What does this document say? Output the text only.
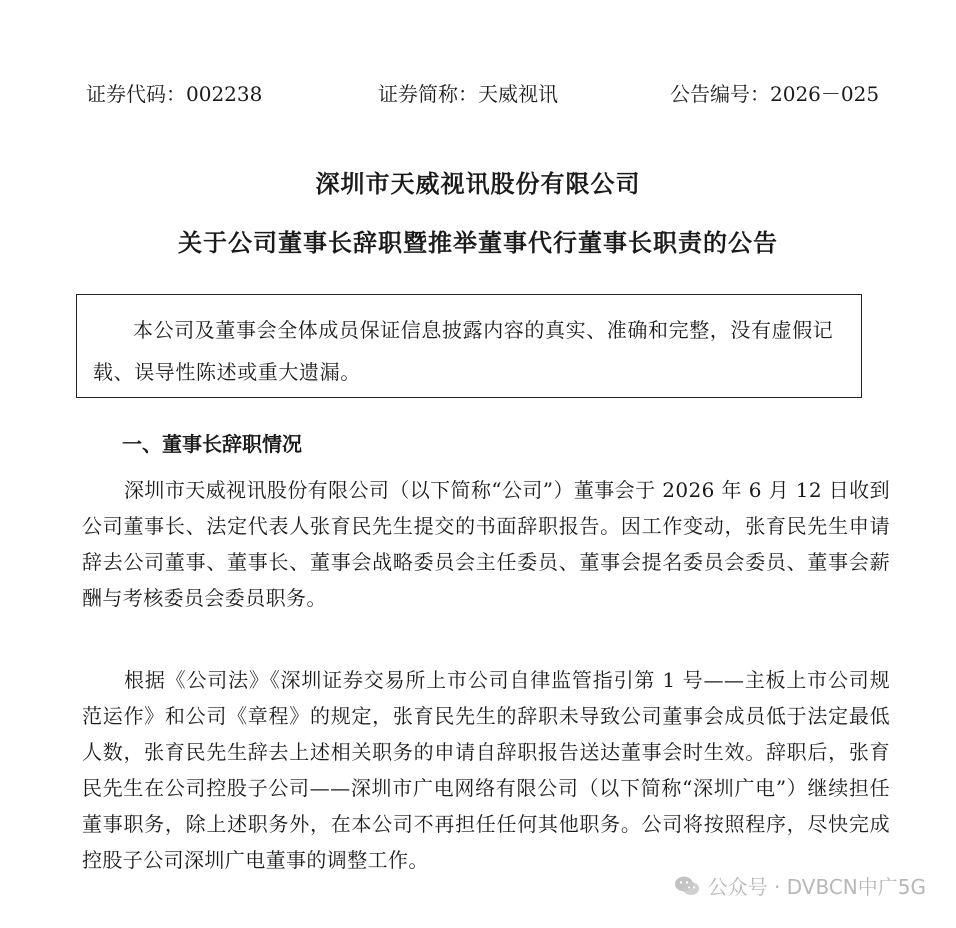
证券代码：002238	证券简称：天威视讯	公告编号：2026－025
深圳市天威视讯股份有限公司
关于公司董事长辞职暨推举董事代行董事长职责的公告

本公司及董事会全体成员保证信息披露内容的真实、准确和完整，没有虚假记载、误导性陈述或重大遗漏。

一、董事长辞职情况

深圳市天威视讯股份有限公司（以下简称“公司”）董事会于 2026 年 6 月 12 日收到公司董事长、法定代表人张育民先生提交的书面辞职报告。因工作变动，张育民先生申请辞去公司董事、董事长、董事会战略委员会主任委员、董事会提名委员会委员、董事会薪酬与考核委员会委员职务。

根据《公司法》《深圳证券交易所上市公司自律监管指引第 1 号——主板上市公司规范运作》和公司《章程》的规定，张育民先生的辞职未导致公司董事会成员低于法定最低人数，张育民先生辞去上述相关职务的申请自辞职报告送达董事会时生效。辞职后，张育民先生在公司控股子公司——深圳市广电网络有限公司（以下简称“深圳广电”）继续担任董事职务，除上述职务外，在本公司不再担任任何其他职务。公司将按照程序，尽快完成控股子公司深圳广电董事的调整工作。

公众号 · DVBCN中广5G
